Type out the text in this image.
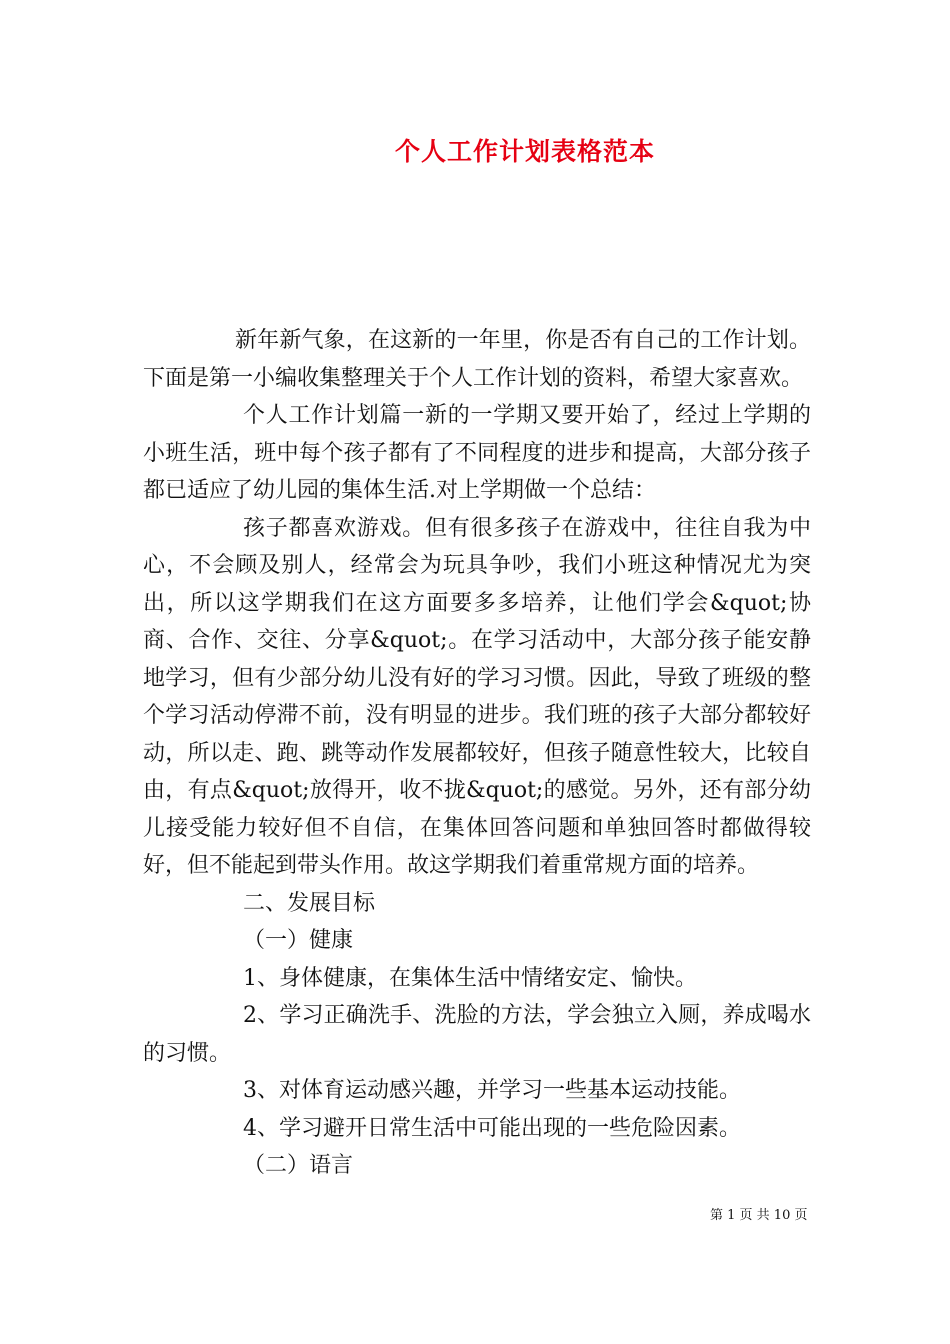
个人工作计划表格范本

新年新气象，在这新的一年里，你是否有自己的工作计划。下面是第一小编收集整理关于个人工作计划的资料，希望大家喜欢。

个人工作计划篇一新的一学期又要开始了，经过上学期的小班生活，班中每个孩子都有了不同程度的进步和提高，大部分孩子都已适应了幼儿园的集体生活.对上学期做一个总结：

孩子都喜欢游戏。但有很多孩子在游戏中，往往自我为中心，不会顾及别人，经常会为玩具争吵，我们小班这种情况尤为突出，所以这学期我们在这方面要多多培养，让他们学会&quot;协商、合作、交往、分享&quot;。在学习活动中，大部分孩子能安静地学习，但有少部分幼儿没有好的学习习惯。因此，导致了班级的整个学习活动停滞不前，没有明显的进步。我们班的孩子大部分都较好动，所以走、跑、跳等动作发展都较好，但孩子随意性较大，比较自由，有点&quot;放得开，收不拢&quot;的感觉。另外，还有部分幼儿接受能力较好但不自信，在集体回答问题和单独回答时都做得较好，但不能起到带头作用。故这学期我们着重常规方面的培养。

二、发展目标

（一）健康

1、身体健康，在集体生活中情绪安定、愉快。

2、学习正确洗手、洗脸的方法，学会独立入厕，养成喝水的习惯。

3、对体育运动感兴趣，并学习一些基本运动技能。

4、学习避开日常生活中可能出现的一些危险因素。

（二）语言

第 1 页 共 10 页
